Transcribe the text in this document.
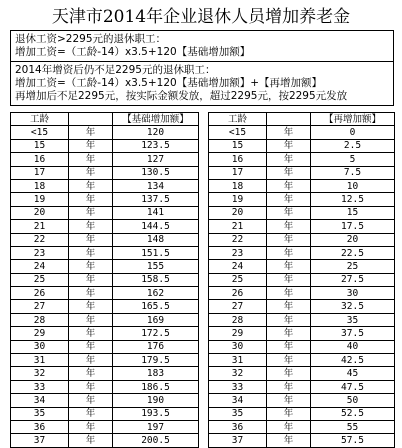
天津市2014年企业退休人员增加养老金
退休工资>2295元的退休职工：
增加工资=（工龄-14）x3.5+120【基础增加额】
2014年增资后仍不足2295元的退休职工：
增加工资=（工龄-14）x3.5+120【基础增加额】+【再增加额】
再增加后不足2295元，按实际金额发放，超过2295元，按2295元发放
工龄		【基础增加额】		工龄		【再增加额】
<15	年	120		<15	年	0
15	年	123.5		15	年	2.5
16	年	127		16	年	5
17	年	130.5		17	年	7.5
18	年	134		18	年	10
19	年	137.5		19	年	12.5
20	年	141		20	年	15
21	年	144.5		21	年	17.5
22	年	148		22	年	20
23	年	151.5		23	年	22.5
24	年	155		24	年	25
25	年	158.5		25	年	27.5
26	年	162		26	年	30
27	年	165.5		27	年	32.5
28	年	169		28	年	35
29	年	172.5		29	年	37.5
30	年	176		30	年	40
31	年	179.5		31	年	42.5
32	年	183		32	年	45
33	年	186.5		33	年	47.5
34	年	190		34	年	50
35	年	193.5		35	年	52.5
36	年	197		36	年	55
37	年	200.5		37	年	57.5
